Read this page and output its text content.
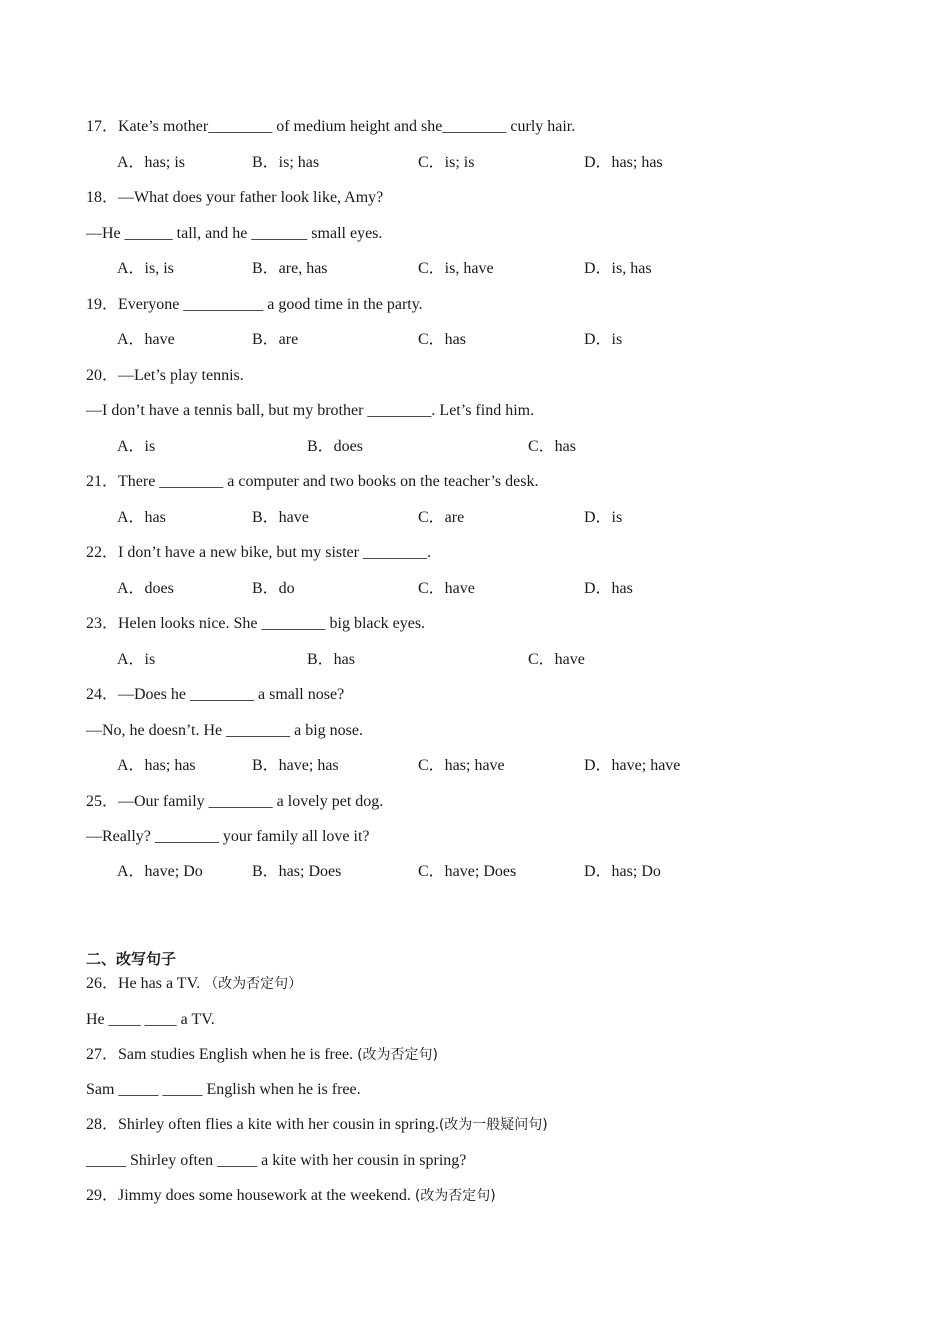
17．Kate’s mother________ of medium height and she________ curly hair.
A．has; is	B．is; has	C．is; is	D．has; has
18．—What does your father look like, Amy?
—He ______ tall, and he _______ small eyes.
A．is, is	B．are, has	C．is, have	D．is, has
19．Everyone __________ a good time in the party.
A．have	B．are	C．has	D．is
20．—Let’s play tennis.
—I don’t have a tennis ball, but my brother ________. Let’s find him.
A．is	B．does	C．has
21．There ________ a computer and two books on the teacher’s desk.
A．has	B．have	C．are	D．is
22．I don’t have a new bike, but my sister ________.
A．does	B．do	C．have	D．has
23．Helen looks nice. She ________ big black eyes.
A．is	B．has	C．have
24．—Does he ________ a small nose?
—No, he doesn’t. He ________ a big nose.
A．has; has	B．have; has	C．has; have	D．have; have
25．—Our family ________ a lovely pet dog.
—Really? ________ your family all love it?
A．have; Do	B．has; Does	C．have; Does	D．has; Do
二、改写句子
26．He has a TV. （改为否定句）
He ____ ____ a TV.
27．Sam studies English when he is free. (改为否定句)
Sam _____ _____ English when he is free.
28．Shirley often flies a kite with her cousin in spring.(改为一般疑问句)
_____ Shirley often _____ a kite with her cousin in spring?
29．Jimmy does some housework at the weekend. (改为否定句)
